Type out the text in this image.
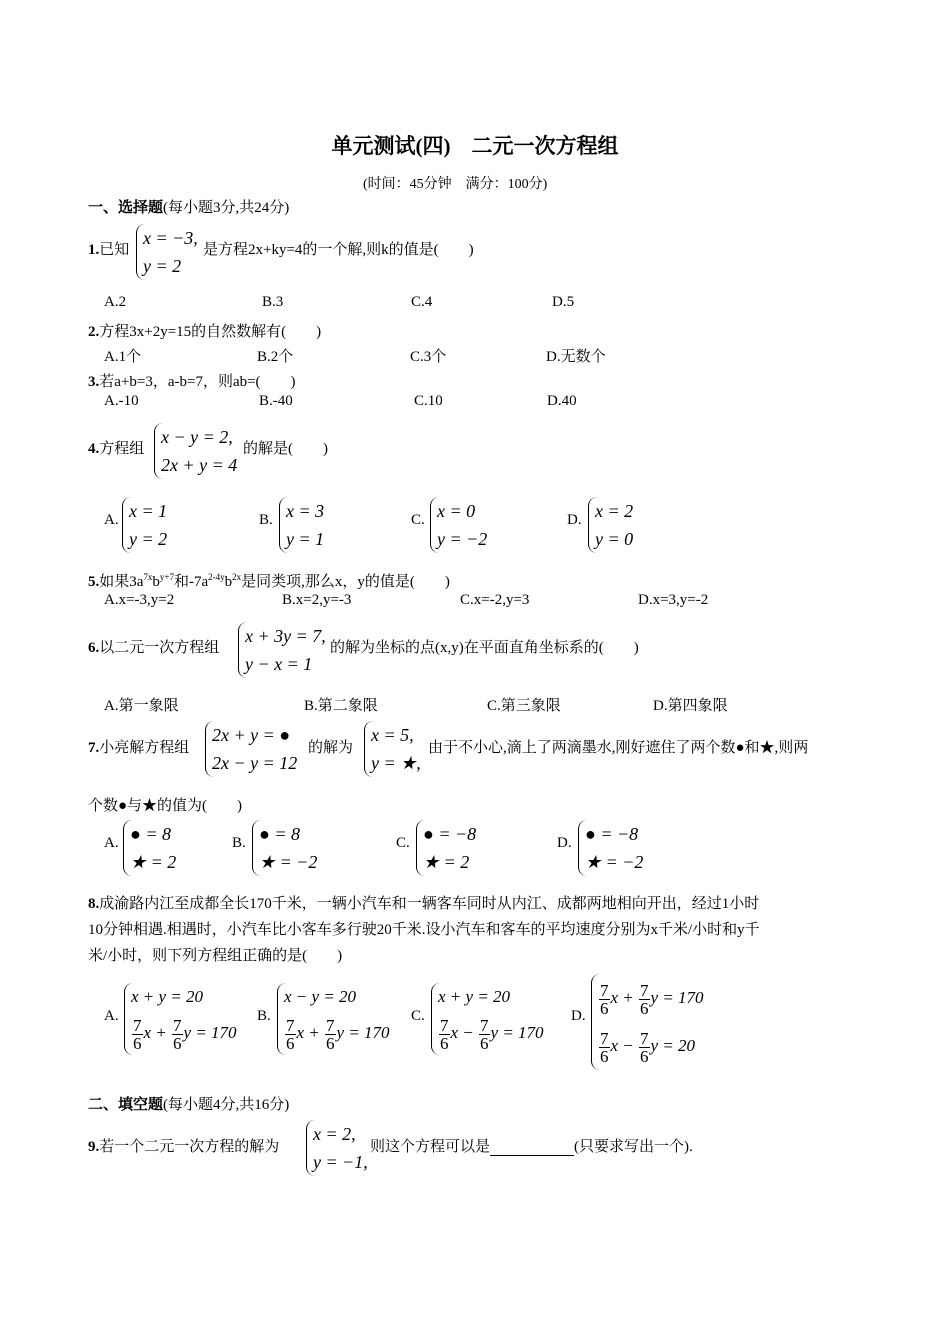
单元测试(四)　二元一次方程组
(时间：45分钟　满分：100分)
一、选择题(每小题3分,共24分)
1.已知
x = −3,
y = 2
是方程2x+ky=4的一个解,则k的值是(　　)
A.2	B.3	C.4	D.5
2.方程3x+2y=15的自然数解有(　　)
A.1个	B.2个	C.3个	D.无数个
3.若a+b=3，a-b=7，则ab=(　　)
A.-10	B.-40	C.10	D.40
4.方程组
x − y = 2,
2x + y = 4
的解是(　　)
A. x = 1
y = 2
B. x = 3
y = 1
C. x = 0
y = −2
D. x = 2
y = 0
5.如果$3a^{7x}b^{y+7}$和$-7a^{2-4y}b^{2x}$是同类项,那么x，y的值是(　　)
A.x=-3,y=2	B.x=2,y=-3	C.x=-2,y=3	D.x=3,y=-2
6.以二元一次方程组
x + 3y = 7,
y − x = 1
的解为坐标的点(x,y)在平面直角坐标系的(　　)
A.第一象限	B.第二象限	C.第三象限	D.第四象限
7.小亮解方程组
2x + y = ●
2x − y = 12
的解为
x = 5,
y = ★,
由于不小心,滴上了两滴墨水,刚好遮住了两个数●和★,则两
个数●与★的值为(　　)
A. ● = 8
★ = 2
B. ● = 8
★ = −2
C. ● = −8
★ = 2
D. ● = −8
★ = −2
8.成渝路内江至成都全长170千米，一辆小汽车和一辆客车同时从内江、成都两地相向开出，经过1小时
10分钟相遇.相遇时，小汽车比小客车多行驶20千米.设小汽车和客车的平均速度分别为x千米/小时和y千
米/小时，则下列方程组正确的是(　　)
A.
x + y = 20
$\frac{7}{6}$ $x + \frac{7}{6}$ y = 170
B.
x − y = 20
$\frac{7}{6}$ $x + \frac{7}{6}$ y = 170
C.
x + y = 20
$\frac{7}{6}$ $x - \frac{7}{6}$ y = 170
D. $\frac{7}{6}$ $x + \frac{7}{6}$ y = 170
$\frac{7}{6}$ $x - \frac{7}{6}$ y = 20
二、填空题(每小题4分,共16分)
9.若一个二元一次方程的解为
x = 2,
y = −1,
则这个方程可以是	(只要求写出一个).
